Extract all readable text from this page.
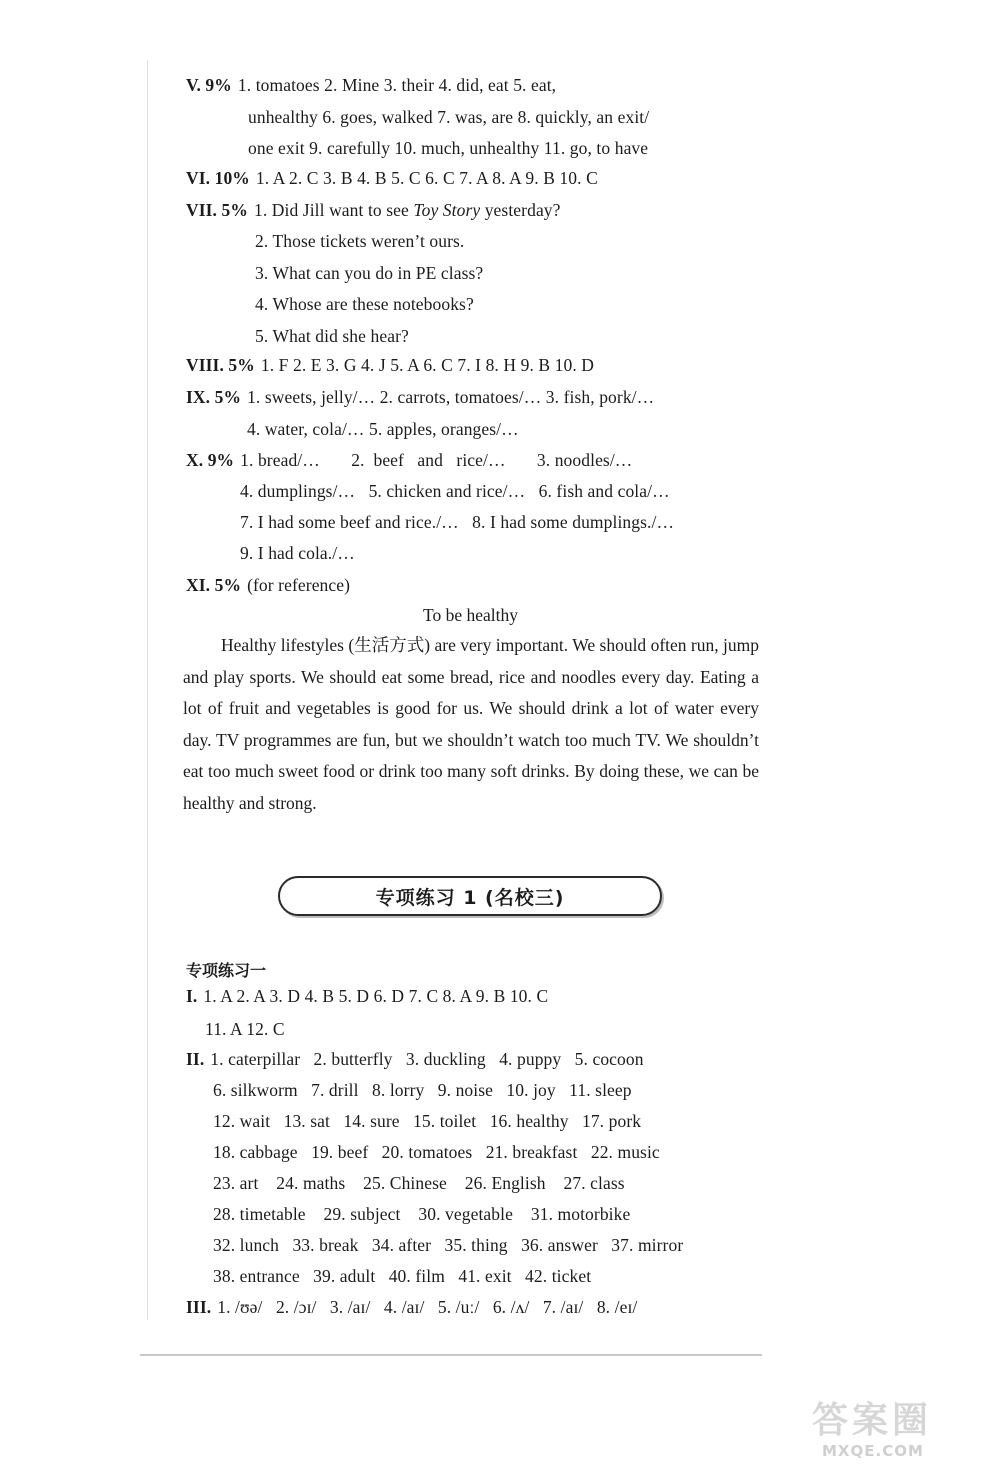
V. 9% 1. tomatoes 2. Mine 3. their 4. did, eat 5. eat,
unhealthy 6. goes, walked 7. was, are 8. quickly, an exit/
one exit 9. carefully 10. much, unhealthy 11. go, to have
VI. 10% 1. A 2. C 3. B 4. B 5. C 6. C 7. A 8. A 9. B 10. C
VII. 5% 1. Did Jill want to see Toy Story yesterday?
2. Those tickets weren’t ours.
3. What can you do in PE class?
4. Whose are these notebooks?
5. What did she hear?
VIII. 5% 1. F 2. E 3. G 4. J 5. A 6. C 7. I 8. H 9. B 10. D
IX. 5% 1. sweets, jelly/… 2. carrots, tomatoes/… 3. fish, pork/…
4. water, cola/… 5. apples, oranges/…
X. 9% 1. bread/…       2.  beef   and   rice/…       3. noodles/…
4. dumplings/…   5. chicken and rice/…   6. fish and cola/…
7. I had some beef and rice./…   8. I had some dumplings./…
9. I had cola./…
XI. 5% (for reference)
To be healthy
Healthy lifestyles (生活方式) are very important. We should often run, jump and play sports. We should eat some bread, rice and noodles every day. Eating a lot of fruit and vegetables is good for us. We should drink a lot of water every day. TV programmes are fun, but we shouldn’t watch too much TV. We shouldn’t eat too much sweet food or drink too many soft drinks. By doing these, we can be healthy and strong.
专项练习 1 (名校三)
专项练习一
I. 1. A 2. A 3. D 4. B 5. D 6. D 7. C 8. A 9. B 10. C
11. A 12. C
II. 1. caterpillar   2. butterfly   3. duckling   4. puppy   5. cocoon
6. silkworm   7. drill   8. lorry   9. noise   10. joy   11. sleep
12. wait   13. sat   14. sure   15. toilet   16. healthy   17. pork
18. cabbage   19. beef   20. tomatoes   21. breakfast   22. music
23. art    24. maths    25. Chinese    26. English    27. class
28. timetable    29. subject    30. vegetable    31. motorbike
32. lunch   33. break   34. after   35. thing   36. answer   37. mirror
38. entrance   39. adult   40. film   41. exit   42. ticket
III. 1. /ʊə/   2. /ɔɪ/   3. /aɪ/   4. /aɪ/   5. /uː/   6. /ʌ/   7. /aɪ/   8. /eɪ/
答案圈
MXQE.COM
